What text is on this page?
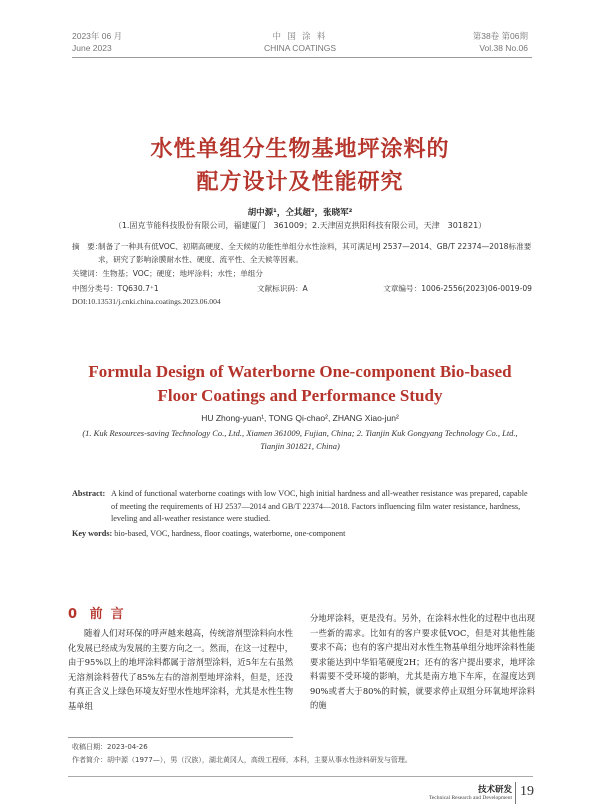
2023年 06 月
June 2023
中 国 涂 料
CHINA COATINGS
第38卷 第06期
Vol.38 No.06
水性单组分生物基地坪涂料的
配方设计及性能研究
胡中源¹，仝其超²，张晓军²
（1.固克节能科技股份有限公司，福建厦门　361009；2.天津固克拱阳科技有限公司，天津　301821）
摘　要：
制备了一种具有低VOC、初期高硬度、全天候的功能性单组分水性涂料，其可满足HJ 2537—2014、GB/T 22374—2018标准要求，研究了影响涂膜耐水性、硬度、流平性、全天候等因素。
关键词：生物基；VOC；硬度；地坪涂料；水性；单组分
中图分类号：TQ630.7⁺1	文献标识码：A	文章编号：1006-2556(2023)06-0019-09
DOI:10.13531/j.cnki.china.coatings.2023.06.004
Formula Design of Waterborne One-component Bio-based
Floor Coatings and Performance Study
HU Zhong-yuan¹, TONG Qi-chao², ZHANG Xiao-jun²
(1. Kuk Resources-saving Technology Co., Ltd., Xiamen 361009, Fujian, China; 2. Tianjin Kuk Gongyang Technology Co., Ltd.,
Tianjin 301821, China)
Abstract: A kind of functional waterborne coatings with low VOC, high initial hardness and all-weather resistance was prepared, capable of meeting the requirements of HJ 2537—2014 and GB/T 22374—2018. Factors influencing film water resistance, hardness, leveling and all-weather resistance were studied.
Key words: bio-based, VOC, hardness, floor coatings, waterborne, one-component
0 前言

随着人们对环保的呼声越来越高，传统溶剂型涂料向水性化发展已经成为发展的主要方向之一。然而，在这一过程中，由于95%以上的地坪涂料都属于溶剂型涂料，近5年左右虽然无溶剂涂料替代了85%左右的溶剂型地坪涂料，但是，还没有真正含义上绿色环境友好型水性地坪涂料，尤其是水性生物基单组

分地坪涂料，更是没有。另外，在涂料水性化的过程中也出现一些新的需求。比如有的客户要求低VOC，但是对其他性能要求不高；也有的客户提出对水性生物基单组分地坪涂料性能要求能达到中华铅笔硬度2H；还有的客户提出要求，地坪涂料需要不受环境的影响，尤其是南方地下车库，在湿度达到90%或者大于80%的时候，就要求停止双组分环氧地坪涂料的施

收稿日期：2023-04-26
作者简介：胡中源（1977—），男（汉族），湖北黄冈人，高级工程师，本科，主要从事水性涂料研发与管理。
技术研发
Technical Research and Development 19
